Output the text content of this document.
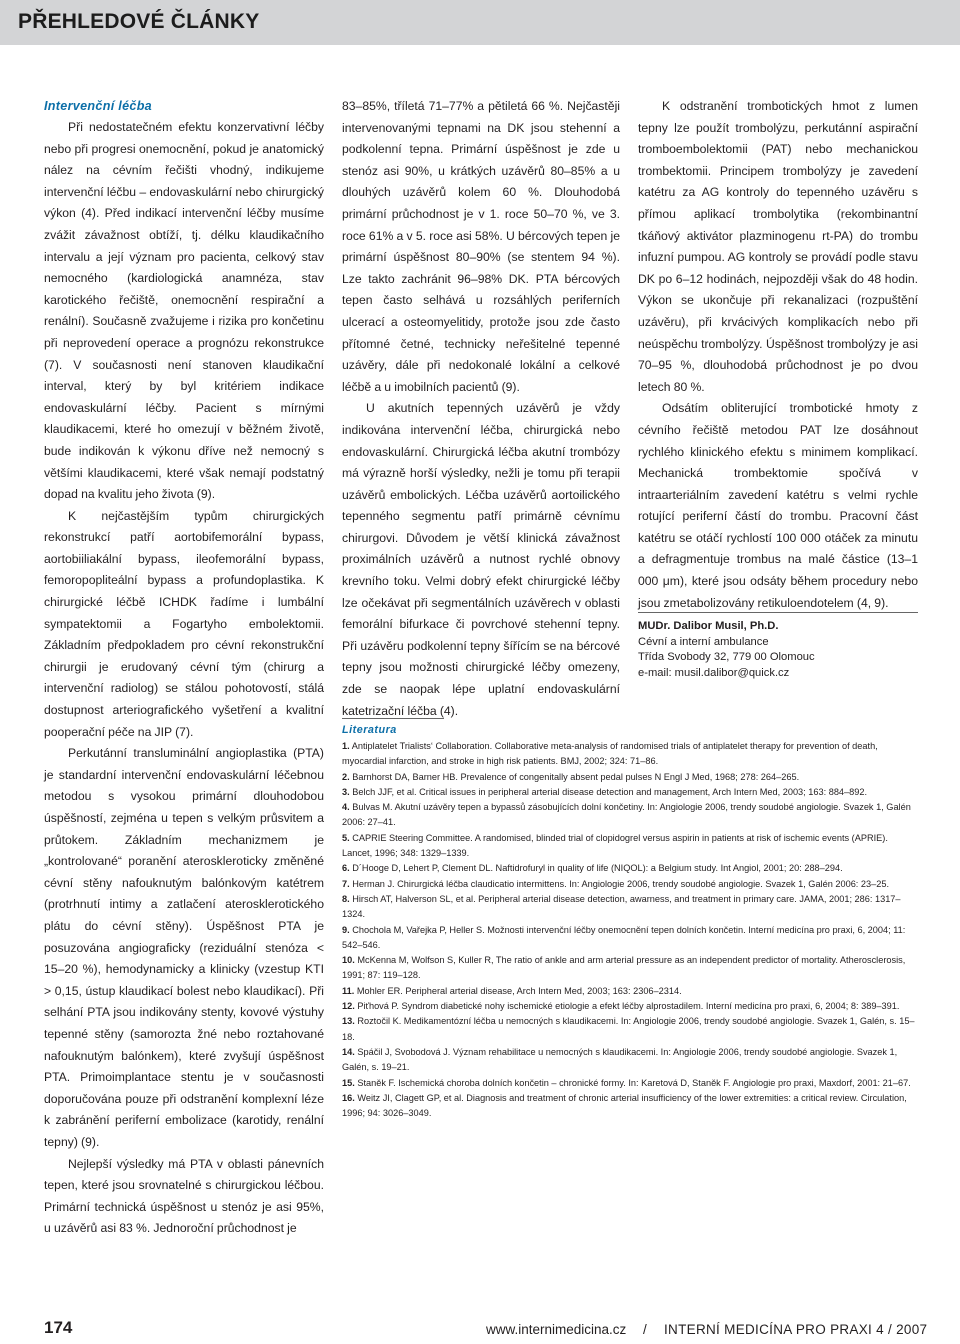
PŘEHLEDOVÉ ČLÁNKY
Intervenční léčba

Při nedostatečném efektu konzervativní léčby nebo při progresi onemocnění, pokud je anatomický nález na cévním řečišti vhodný, indikujeme intervenční léčbu – endovaskulární nebo chirurgický výkon (4). Před indikací intervenční léčby musíme zvážit závažnost obtíží, tj. délku klaudikačního intervalu a její význam pro pacienta, celkový stav nemocného (kardiologická anamnéza, stav karotického řečiště, onemocnění respirační a renální). Současně zvažujeme i rizika pro končetinu při neprovedení operace a prognózu rekonstrukce (7). V současnosti není stanoven klaudikační interval, který by byl kritériem indikace endovaskulární léčby. Pacient s mírnými klaudikacemi, které ho omezují v běžném životě, bude indikován k výkonu dříve než nemocný s většími klaudikacemi, které však nemají podstatný dopad na kvalitu jeho života (9).

K nejčastějším typům chirurgických rekonstrukcí patří aortobifemorální bypass, aortobiiliakální bypass, ileofemorální bypass, femoropopliteální bypass a profundoplastika. K chirurgické léčbě ICHDK řadíme i lumbální sympatektomii a Fogartyho embolektomii. Základním předpokladem pro cévní rekonstrukční chirurgii je erudovaný cévní tým (chirurg a intervenční radiolog) se stálou pohotovostí, stálá dostupnost arteriografického vyšetření a kvalitní pooperační péče na JIP (7).

Perkutánní transluminální angioplastika (PTA) je standardní intervenční endovaskulární léčebnou metodou s vysokou primární dlouhodobou úspěšností, zejména u tepen s velkým průsvitem a průtokem. Základním mechanizmem je „kontrolované“ poranění aterosklerotiсky změněné cévní stěny nafouknutým balónkovým katétrem (protrhnutí intimy a zatlačení aterosklerotického plátu do cévní stěny). Úspěšnost PTA je posuzována angiograficky (reziduální stenóza < 15–20 %), hemodynamicky a klinicky (vzestup KTI > 0,15, ústup klaudikací bolest nebo klaudikací). Při selhání PTA jsou indikovány stenty, kovové výstuhy tepenné stěny (samorozta žné nebo roztahované nafouknutým balónkem), které zvyšují úspěšnost PTA. Primoimplantace stentu je v současnosti doporučována pouze při odstranění komplexní léze k zabránění periferní embolizace (karotidy, renální tepny) (9).

Nejlepší výsledky má PTA v oblasti pánevních tepen, které jsou srovnatelné s chirurgickou léčbou. Primární technická úspěšnost u stenóz je asi 95%, u uzávěrů asi 83 %. Jednoroční průchodnost je

83–85%, tříletá 71–77% a pětiletá 66 %. Nejčastěji intervenovanými tepnami na DK jsou stehenní a podkolenní tepna. Primární úspěšnost je zde u stenóz asi 90%, u krátkých uzávěrů 80–85% a u dlouhých uzávěrů kolem 60 %. Dlouhodobá primární průchodnost je v 1. roce 50–70 %, ve 3. roce 61% a v 5. roce asi 58%. U bércových tepen je primární úspěšnost 80–90% (se stentem 94 %). Lze takto zachránit 96–98% DK. PTA bércových tepen často selhává u rozsáhlých periferních ulcerací a osteomyelitidy, protože jsou zde často přítomné četné, technicky neřešitelné tepenné uzávěry, dále při nedokonalé lokální a celkové léčbě a u imobilních pacientů (9).

U akutních tepenných uzávěrů je vždy indikována intervenční léčba, chirurgická nebo endovaskulární. Chirurgická léčba akutní trombózy má výrazně horší výsledky, nežli je tomu při terapii uzávěrů embolických. Léčba uzávěrů aortoilického tepenného segmentu patří primárně cévnímu chirurgovi. Důvodem je větší klinická závažnost proximálních uzávěrů a nutnost rychlé obnovy krevního toku. Velmi dobrý efekt chirurgické léčby lze očekávat při segmentálních uzávěrech v oblasti femorální bifurkace či povrchové stehenní tepny. Při uzávěru podkolenní tepny šířícím se na bércové tepny jsou možnosti chirurgické léčby omezeny, zde se naopak lépe uplatní endovaskulární katetrizační léčba (4).

K odstranění trombotických hmot z lumen tepny lze použít trombolýzu, perkutánní aspirační tromboembolektomii (PAT) nebo mechanickou trombektomii. Principem trombolýzy je zavedení katétru za AG kontroly do tepenného uzávěru s přímou aplikací trombolytika (rekombinantní tkáňový aktivátor plazminogenu rt-PA) do trombu infuzní pumpou. AG kontroly se provádí podle stavu DK po 6–12 hodinách, nejpozději však do 48 hodin. Výkon se ukončuje při rekanalizaci (rozpuštění uzávěru), při krvácivých komplikacích nebo při neúspěchu trombolýzy. Úspěšnost trombolýzy je asi 70–95 %, dlouhodobá průchodnost je po dvou letech 80 %.

Odsátím obliterující trombotické hmoty z cévního řečiště metodou PAT lze dosáhnout rychlého klinického efektu s minimem komplikací. Mechanická trombektomie spočívá v intraarteriálním zavedení katétru s velmi rychle rotující periferní částí do trombu. Pracovní část katétru se otáčí rychlostí 100 000 otáček za minutu a defragmentuje trombus na malé částice (13–1 000 μm), které jsou odsáty během procedury nebo jsou zmetabolizovány retikuloendotelem (4, 9).

MUDr. Dalibor Musil, Ph.D.
Cévní a interní ambulance
Třída Svobody 32, 779 00 Olomouc
e-mail: musil.dalibor@quick.cz
Literatura
1. Antiplatelet Trialists‘ Collaboration. Collaborative meta-analysis of randomised trials of antiplatelet therapy for prevention of death, myocardial infarction, and stroke in high risk patients. BMJ, 2002; 324: 71–86.
2. Barnhorst DA, Barner HB. Prevalence of congenitally absent pedal pulses N Engl J Med, 1968; 278: 264–265.
3. Belch JJF, et al. Critical issues in peripheral arterial disease detection and management, Arch Intern Med, 2003; 163: 884–892.
4. Bulvas M. Akutní uzávěry tepen a bypassů zásobujících dolní končetiny. In: Angiologie 2006, trendy soudobé angiologie. Svazek 1, Galén 2006: 27–41.
5. CAPRIE Steering Committee. A randomised, blinded trial of clopidogrel versus aspirin in patients at risk of ischemic events (APRIE). Lancet, 1996; 348: 1329–1339.
6. D´Hooge D, Lehert P, Clement DL. Naftidrofuryl in quality of life (NIQOL): a Belgium study. Int Angiol, 2001; 20: 288–294.
7. Herman J. Chirurgická léčba claudicatio intermittens. In: Angiologie 2006, trendy soudobé angiologie. Svazek 1, Galén 2006: 23–25.
8. Hirsch AT, Halverson SL, et al. Peripheral arterial disease detection, awarness, and treatment in primary care. JAMA, 2001; 286: 1317–1324.
9. Chochola M, Vařejka P, Heller S. Možnosti intervenční léčby onemocnění tepen dolních končetin. Interní medicína pro praxi, 6, 2004; 11: 542–546.
10. McKenna M, Wolfson S, Kuller R, The ratio of ankle and arm arterial pressure as an independent predictor of mortality. Atherosclerosis, 1991; 87: 119–128.
11. Mohler ER. Peripheral arterial disease, Arch Intern Med, 2003; 163: 2306–2314.
12. Piťhová P. Syndrom diabetické nohy ischemické etiologie a efekt léčby alprostadilem. Interní medicína pro praxi, 6, 2004; 8: 389–391.
13. Roztočil K. Medikamentózní léčba u nemocných s klaudikacemi. In: Angiologie 2006, trendy soudobé angiologie. Svazek 1, Galén, s. 15–18.
14. Spáčil J, Svobodová J. Význam rehabilitace u nemocných s klaudikacemi. In: Angiologie 2006, trendy soudobé angiologie. Svazek 1, Galén, s. 19–21.
15. Staněk F. Ischemická choroba dolních končetin – chronické formy. In: Karetová D, Staněk F. Angiologie pro praxi, Maxdorf, 2001: 21–67.
16. Weitz JI, Clagett GP, et al. Diagnosis and treatment of chronic arterial insufficiency of the lower extremities: a critical review. Circulation, 1996; 94: 3026–3049.
174	www.internimedicina.cz / INTERNÍ MEDICÍNA PRO PRAXI 4 / 2007
